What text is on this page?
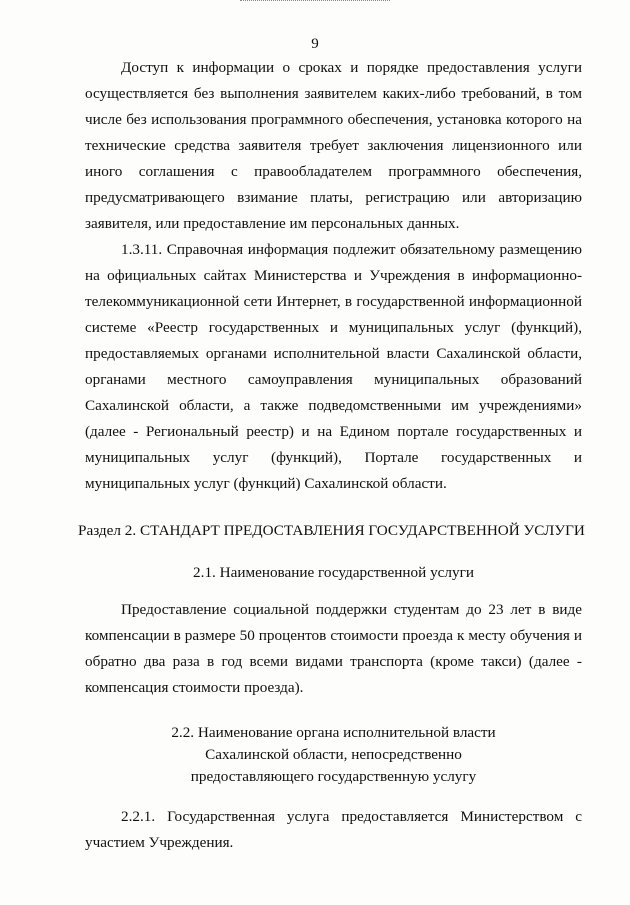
9

Доступ к информации о сроках и порядке предоставления услуги осуществляется без выполнения заявителем каких-либо требований, в том числе без использования программного обеспечения, установка которого на технические средства заявителя требует заключения лицензионного или иного соглашения с правообладателем программного обеспечения, предусматривающего взимание платы, регистрацию или авторизацию заявителя, или предоставление им персональных данных.

1.3.11. Справочная информация подлежит обязательному размещению на официальных сайтах Министерства и Учреждения в информационно-телекоммуникационной сети Интернет, в государственной информационной системе «Реестр государственных и муниципальных услуг (функций), предоставляемых органами исполнительной власти Сахалинской области, органами местного самоуправления муниципальных образований Сахалинской области, а также подведомственными им учреждениями» (далее - Региональный реестр) и на Едином портале государственных и муниципальных услуг (функций), Портале государственных и муниципальных услуг (функций) Сахалинской области.

Раздел 2. СТАНДАРТ ПРЕДОСТАВЛЕНИЯ ГОСУДАРСТВЕННОЙ УСЛУГИ
2.1. Наименование государственной услуги

Предоставление социальной поддержки студентам до 23 лет в виде компенсации в размере 50 процентов стоимости проезда к месту обучения и обратно два раза в год всеми видами транспорта (кроме такси) (далее - компенсация стоимости проезда).

2.2. Наименование органа исполнительной власти
Сахалинской области, непосредственно
предоставляющего государственную услугу

2.2.1. Государственная услуга предоставляется Министерством с участием Учреждения.
